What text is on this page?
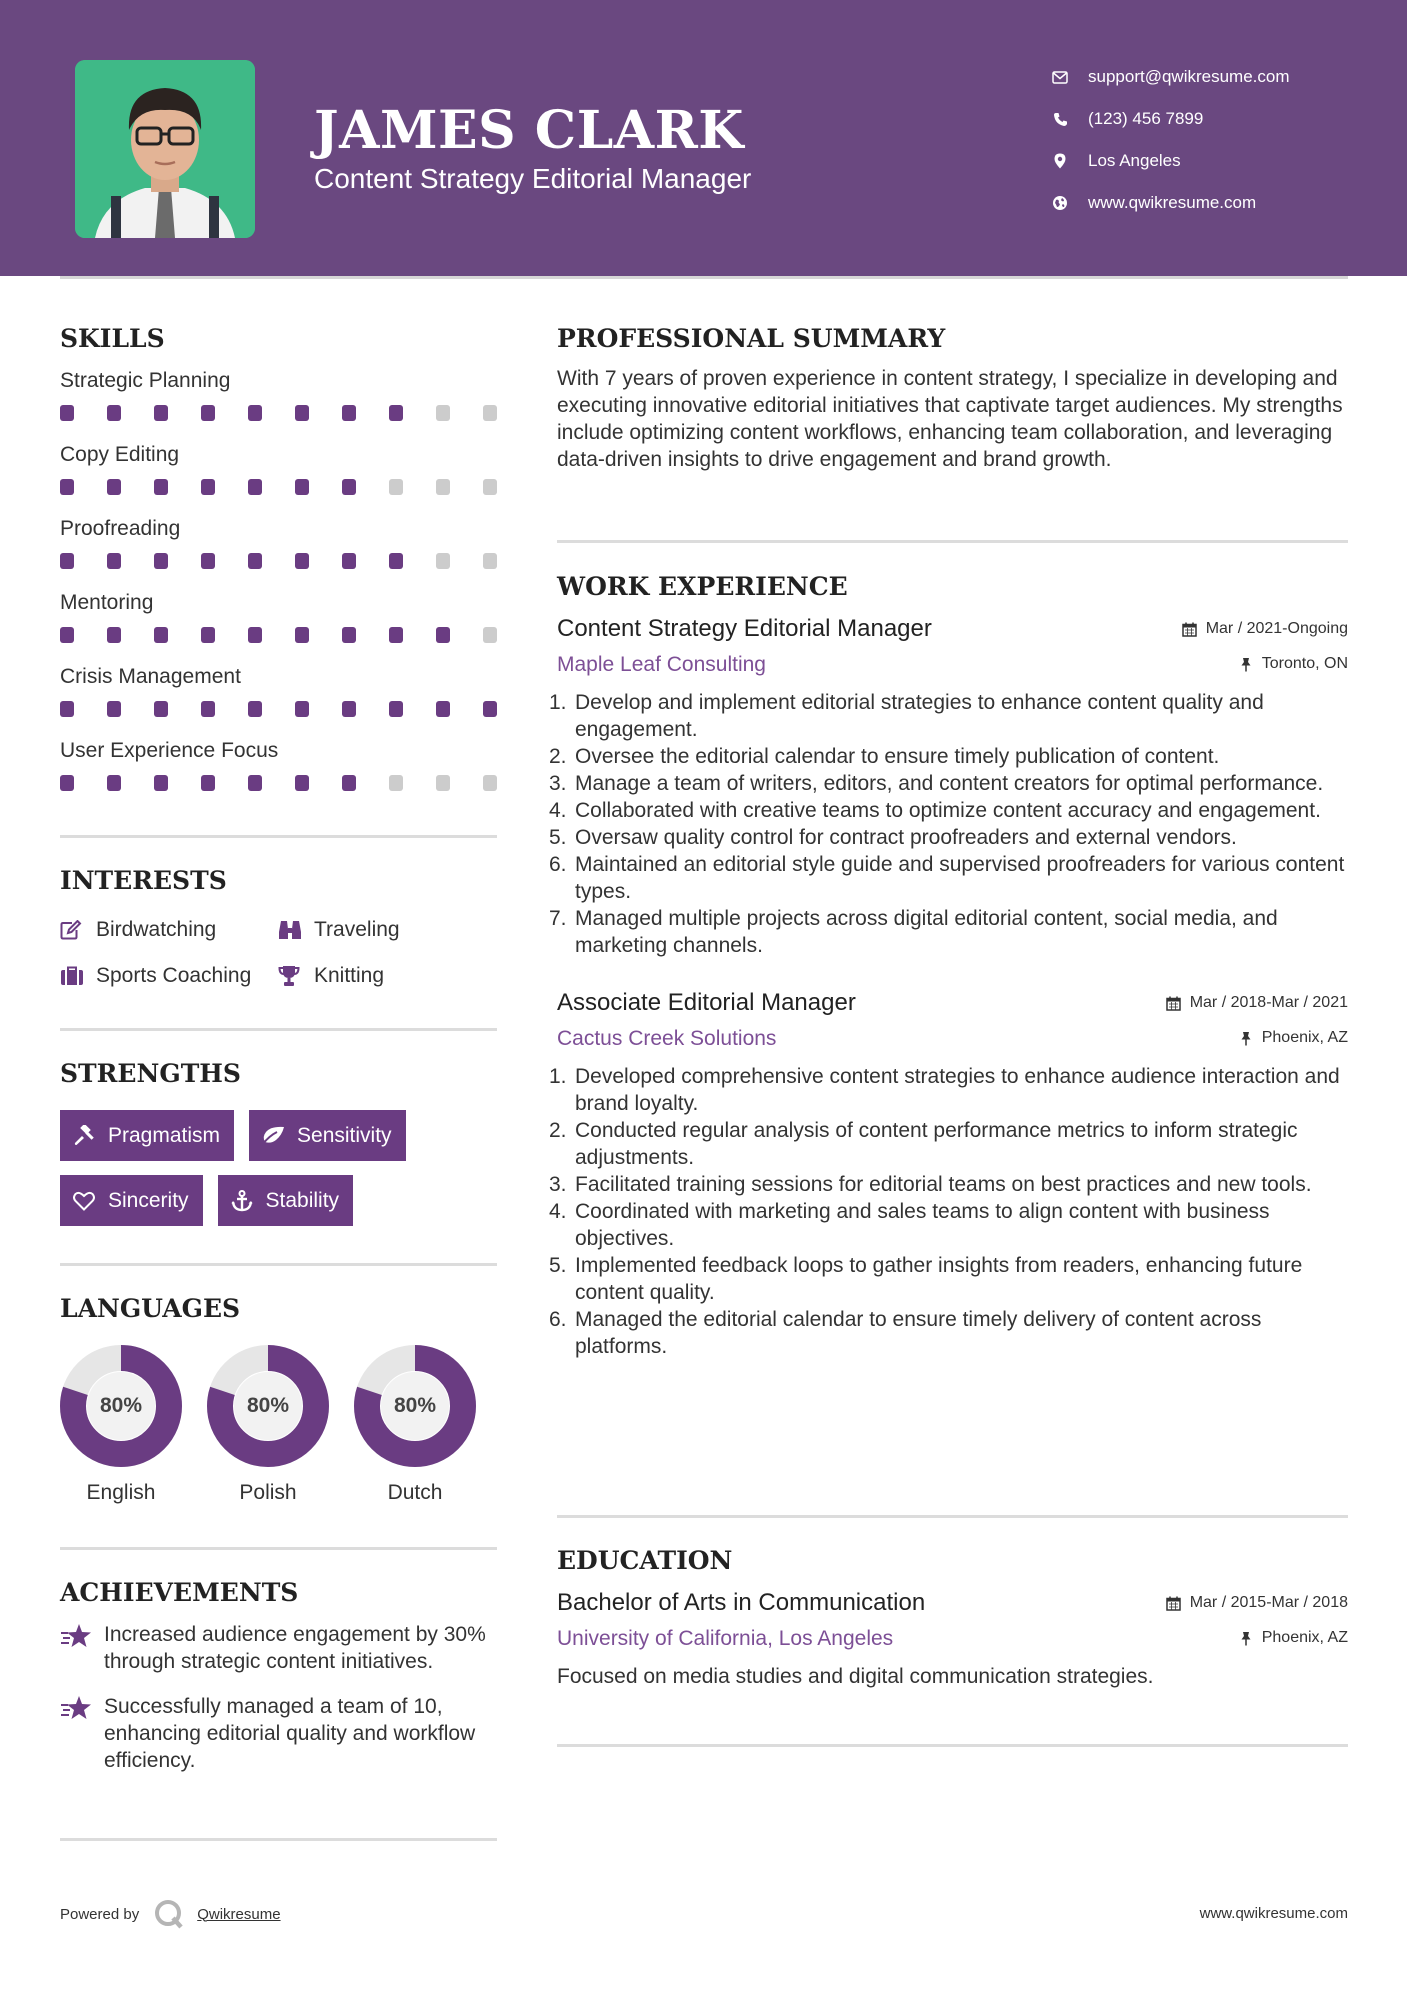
JAMES CLARK
Content Strategy Editorial Manager
support@qwikresume.com
(123) 456 7899
Los Angeles
www.qwikresume.com
SKILLS
Strategic Planning
Copy Editing
Proofreading
Mentoring
Crisis Management
User Experience Focus
INTERESTS
Birdwatching	Traveling
Sports Coaching	Knitting
STRENGTHS
Pragmatism	Sensitivity
Sincerity	Stability
LANGUAGES
80%
English
80%
Polish
80%
Dutch
ACHIEVEMENTS
Increased audience engagement by 30% through strategic content initiatives.
Successfully managed a team of 10, enhancing editorial quality and workflow efficiency.
PROFESSIONAL SUMMARY
With 7 years of proven experience in content strategy, I specialize in developing and executing innovative editorial initiatives that captivate target audiences. My strengths include optimizing content workflows, enhancing team collaboration, and leveraging data-driven insights to drive engagement and brand growth.
WORK EXPERIENCE
Content Strategy Editorial Manager
Maple Leaf Consulting
Mar / 2021-Ongoing
Toronto, ON
1. Develop and implement editorial strategies to enhance content quality and engagement.
2. Oversee the editorial calendar to ensure timely publication of content.
3. Manage a team of writers, editors, and content creators for optimal performance.
4. Collaborated with creative teams to optimize content accuracy and engagement.
5. Oversaw quality control for contract proofreaders and external vendors.
6. Maintained an editorial style guide and supervised proofreaders for various content types.
7. Managed multiple projects across digital editorial content, social media, and marketing channels.
Associate Editorial Manager
Cactus Creek Solutions
Mar / 2018-Mar / 2021
Phoenix, AZ
1. Developed comprehensive content strategies to enhance audience interaction and brand loyalty.
2. Conducted regular analysis of content performance metrics to inform strategic adjustments.
3. Facilitated training sessions for editorial teams on best practices and new tools.
4. Coordinated with marketing and sales teams to align content with business objectives.
5. Implemented feedback loops to gather insights from readers, enhancing future content quality.
6. Managed the editorial calendar to ensure timely delivery of content across platforms.
EDUCATION
Bachelor of Arts in Communication
University of California, Los Angeles
Mar / 2015-Mar / 2018
Phoenix, AZ
Focused on media studies and digital communication strategies.
Powered by	Qwikresume	www.qwikresume.com
